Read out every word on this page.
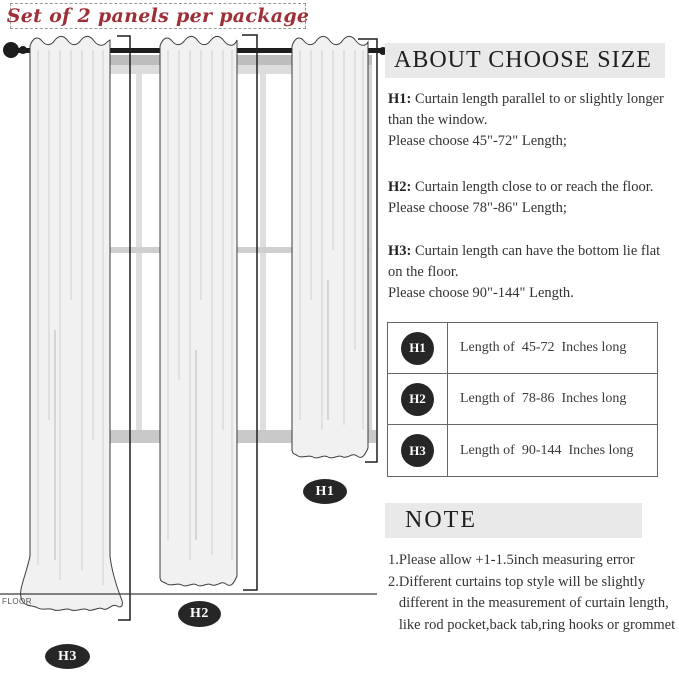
Set of 2 panels per package
FLOOR
H1
H2
H3
ABOUT CHOOSE SIZE
H1: Curtain length parallel to or slightly longer
than the window.
Please choose 45"-72" Length;
H2: Curtain length close to or reach the floor.
Please choose 78"-86" Length;
H3: Curtain length can have the bottom lie flat
on the floor.
Please choose 90"-144" Length.
H1	Length of  45-72  Inches long
H2	Length of  78-86  Inches long
H3	Length of  90-144  Inches long
NOTE
1.Please allow +1-1.5inch measuring error
2.Different curtains top style will be slightly
different in the measurement of curtain length,
like rod pocket,back tab,ring hooks or grommet
